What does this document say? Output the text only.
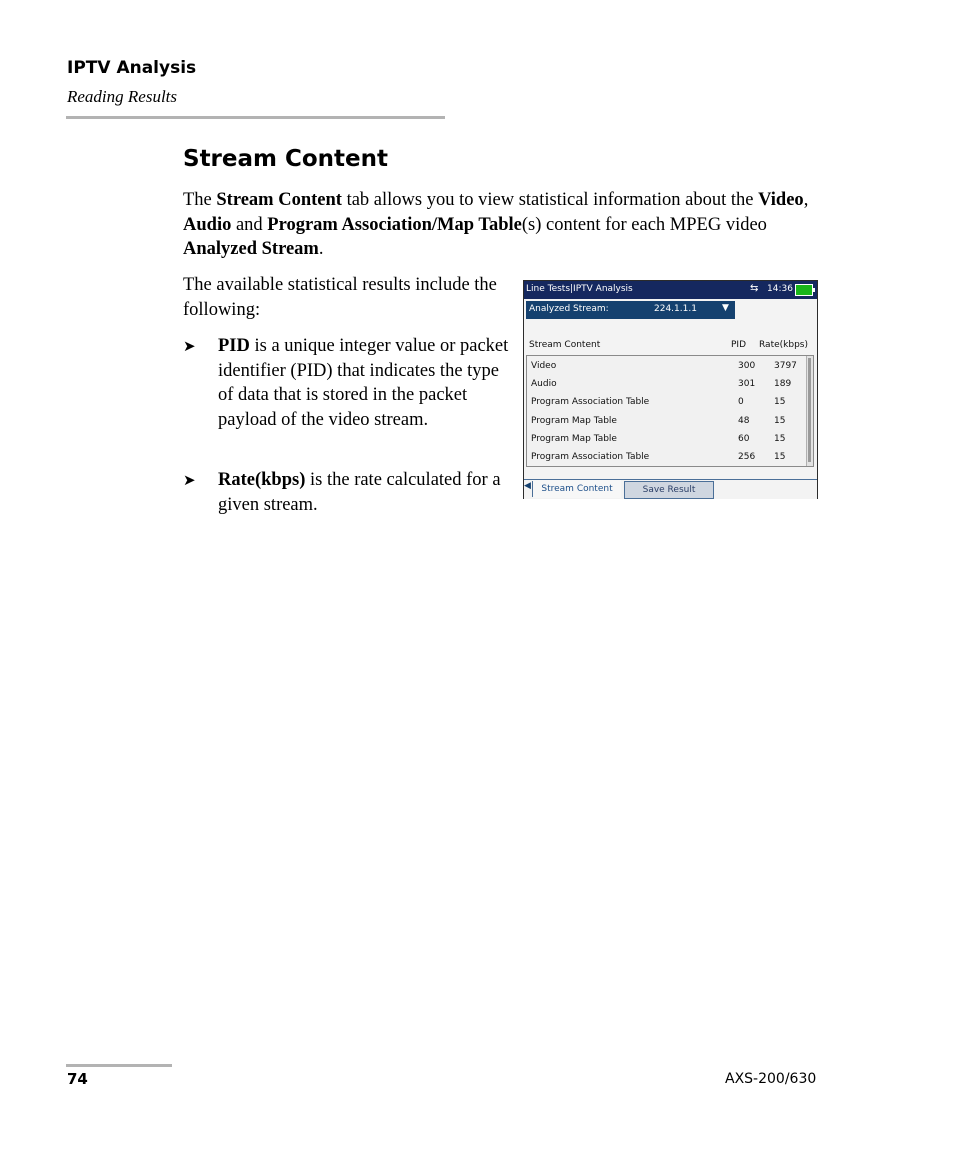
IPTV Analysis
Reading Results
Stream Content
The Stream Content tab allows you to view statistical information about the Video, Audio and Program Association/Map Table(s) content for each MPEG video Analyzed Stream.
The available statistical results include the following:
➤ PID is a unique integer value or packet identifier (PID) that indicates the type of data that is stored in the packet payload of the video stream.
➤ Rate(kbps) is the rate calculated for a given stream.
Line Tests|IPTV Analysis	⇆ 14:36
Analyzed Stream:	224.1.1.1	▼
Stream Content	PID Rate(kbps)
Video	300 3797
Audio	301 189
Program Association Table	0	15
Program Map Table	48	15
Program Map Table	60	15
Program Association Table	256 15
◀	Stream Content	Save Result
74	AXS-200/630
